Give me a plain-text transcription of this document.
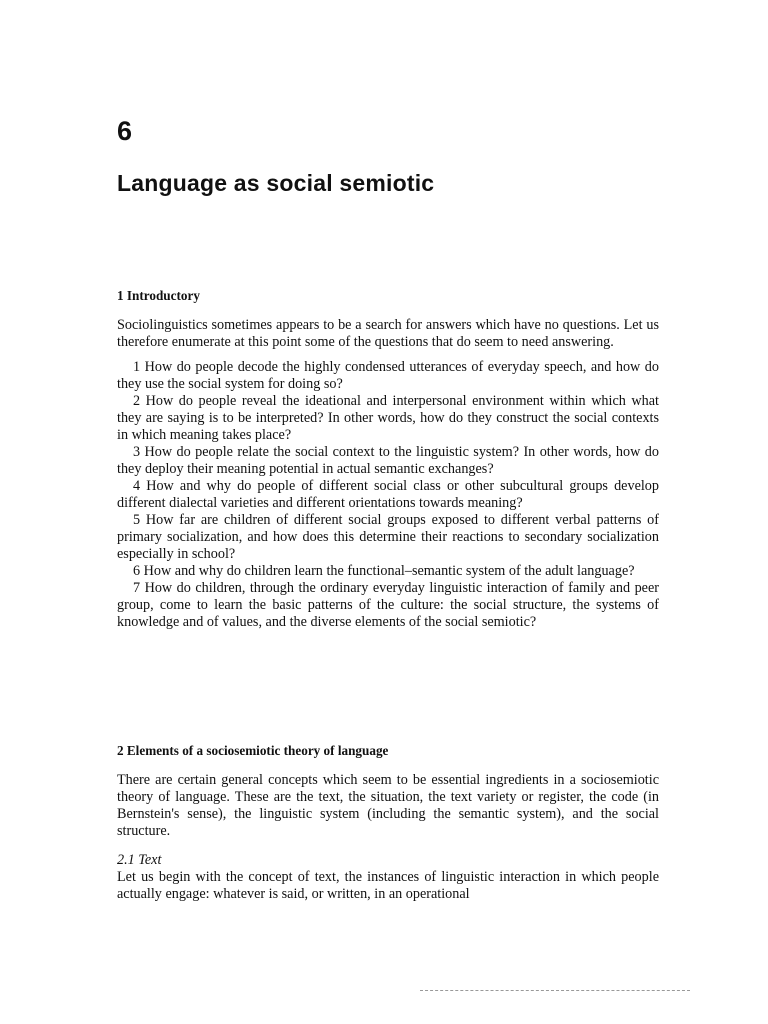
6
Language as social semiotic
1 Introductory

Sociolinguistics sometimes appears to be a search for answers which have no questions. Let us therefore enumerate at this point some of the questions that do seem to need answering.

1 How do people decode the highly condensed utterances of everyday speech, and how do they use the social system for doing so?

2 How do people reveal the ideational and interpersonal environment within which what they are saying is to be interpreted? In other words, how do they construct the social contexts in which meaning takes place?

3 How do people relate the social context to the linguistic system? In other words, how do they deploy their meaning potential in actual semantic exchanges?

4 How and why do people of different social class or other subcultural groups develop different dialectal varieties and different orientations towards meaning?

5 How far are children of different social groups exposed to different verbal patterns of primary socialization, and how does this determine their reactions to secondary socialization especially in school?

6 How and why do children learn the functional–semantic system of the adult language?

7 How do children, through the ordinary everyday linguistic interaction of family and peer group, come to learn the basic patterns of the culture: the social structure, the systems of knowledge and of values, and the diverse elements of the social semiotic?

2 Elements of a sociosemiotic theory of language

There are certain general concepts which seem to be essential ingredients in a sociosemiotic theory of language. These are the text, the situation, the text variety or register, the code (in Bernstein's sense), the linguistic system (including the semantic system), and the social structure.

2.1 Text

Let us begin with the concept of text, the instances of linguistic interaction in which people actually engage: whatever is said, or written, in an operational
